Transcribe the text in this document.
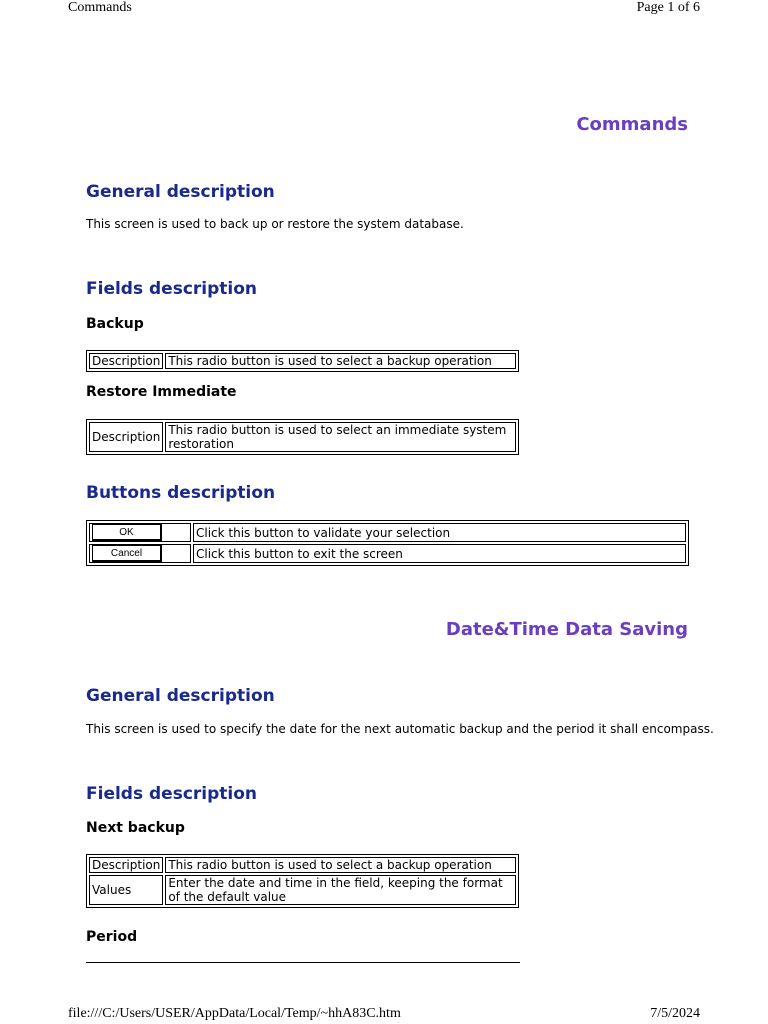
Commands	Page 1 of 6
Commands
General description

This screen is used to back up or restore the system database.

Fields description

Backup

Description	This radio button is used to select a backup operation

Restore Immediate

Description	This radio button is used to select an immediate system restoration
Buttons description
OK	Click this button to validate your selection
Cancel	Click this button to exit the screen
Date&Time Data Saving
General description

This screen is used to specify the date for the next automatic backup and the period it shall encompass.

Fields description

Next backup

Description	This radio button is used to select a backup operation
Values	Enter the date and time in the field, keeping the format of the default value

Period

file:///C:/Users/USER/AppData/Local/Temp/~hhA83C.htm	7/5/2024
